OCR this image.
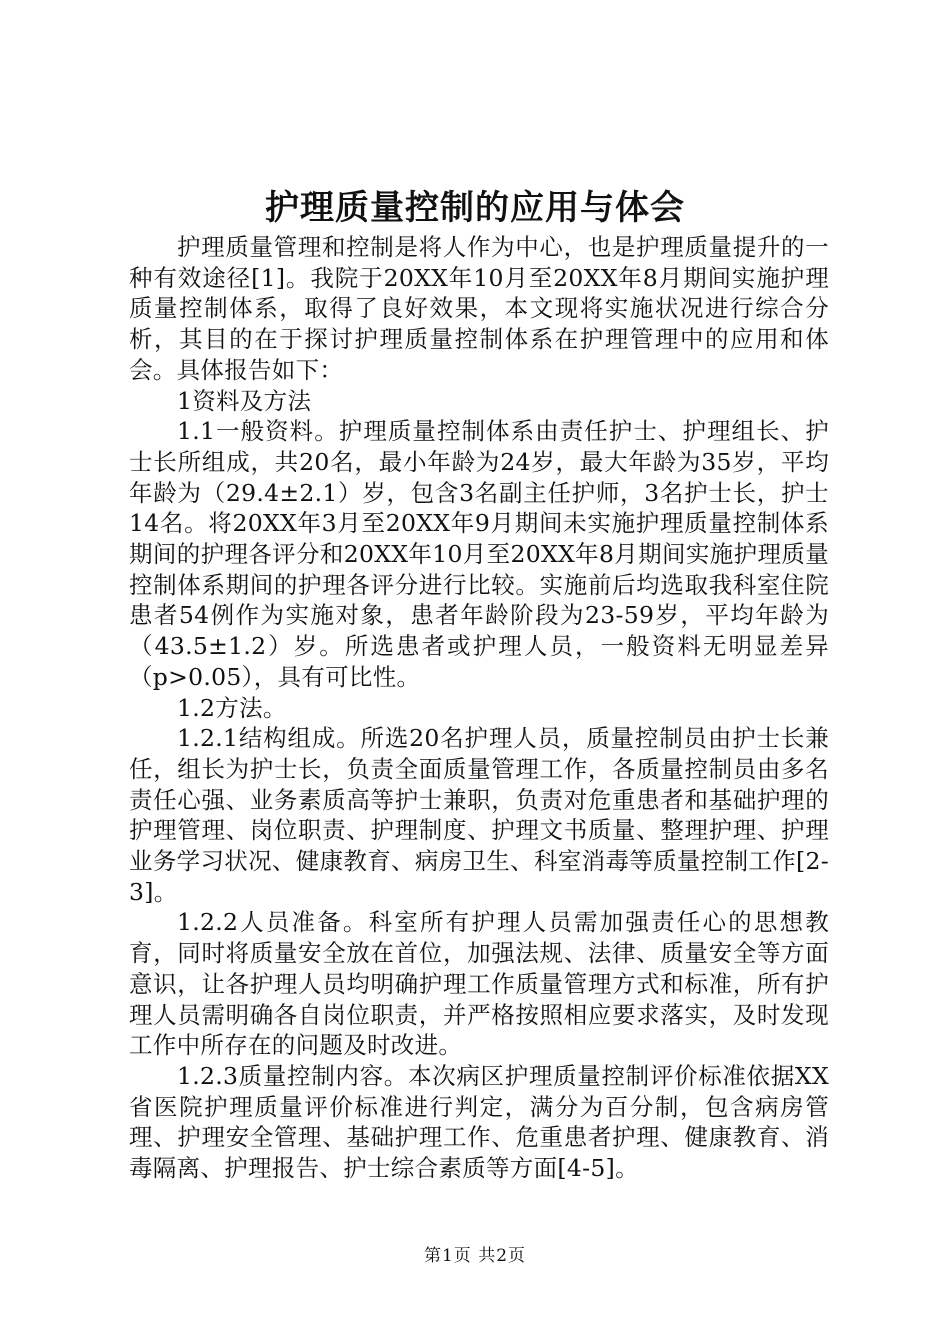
护理质量控制的应用与体会

护理质量管理和控制是将人作为中心，也是护理质量提升的一种有效途径[1]。我院于20XX年10月至20XX年8月期间实施护理质量控制体系，取得了良好效果，本文现将实施状况进行综合分析，其目的在于探讨护理质量控制体系在护理管理中的应用和体会。具体报告如下：

1资料及方法

1.1一般资料。护理质量控制体系由责任护士、护理组长、护士长所组成，共20名，最小年龄为24岁，最大年龄为35岁，平均年龄为（29.4±2.1）岁，包含3名副主任护师，3名护士长，护士14名。将20XX年3月至20XX年9月期间未实施护理质量控制体系期间的护理各评分和20XX年10月至20XX年8月期间实施护理质量控制体系期间的护理各评分进行比较。实施前后均选取我科室住院患者54例作为实施对象，患者年龄阶段为23-59岁，平均年龄为（43.5±1.2）岁。所选患者或护理人员，一般资料无明显差异（p>0.05），具有可比性。

1.2方法。

1.2.1结构组成。所选20名护理人员，质量控制员由护士长兼任，组长为护士长，负责全面质量管理工作，各质量控制员由多名责任心强、业务素质高等护士兼职，负责对危重患者和基础护理的护理管理、岗位职责、护理制度、护理文书质量、整理护理、护理业务学习状况、健康教育、病房卫生、科室消毒等质量控制工作[2-3]。

1.2.2人员准备。科室所有护理人员需加强责任心的思想教育，同时将质量安全放在首位，加强法规、法律、质量安全等方面意识，让各护理人员均明确护理工作质量管理方式和标准，所有护理人员需明确各自岗位职责，并严格按照相应要求落实，及时发现工作中所存在的问题及时改进。

1.2.3质量控制内容。本次病区护理质量控制评价标准依据XX省医院护理质量评价标准进行判定，满分为百分制，包含病房管理、护理安全管理、基础护理工作、危重患者护理、健康教育、消毒隔离、护理报告、护士综合素质等方面[4-5]。

第1页 共2页
